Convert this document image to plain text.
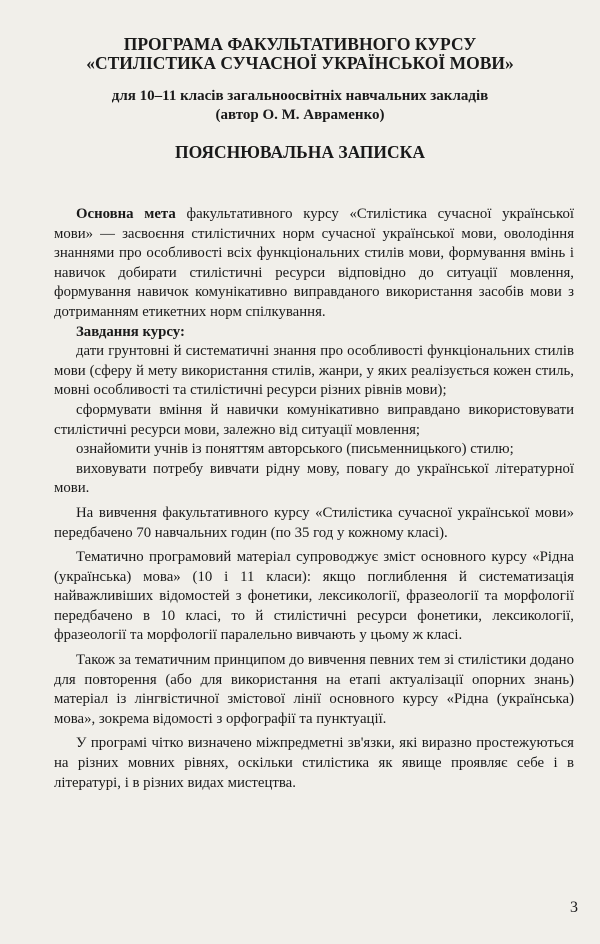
ПРОГРАМА ФАКУЛЬТАТИВНОГО КУРСУ
«СТИЛІСТИКА СУЧАСНОЇ УКРАЇНСЬКОЇ МОВИ»
для 10–11 класів загальноосвітніх навчальних закладів
(автор О. М. Авраменко)
ПОЯСНЮВАЛЬНА ЗАПИСКА

Основна мета факультативного курсу «Стилістика сучасної української мови» — засвоєння стилістичних норм сучасної української мови, оволодіння знаннями про особливості всіх функціональних стилів мови, формування вмінь і навичок добирати стилістичні ресурси відповідно до ситуації мовлення, формування навичок комунікативно виправданого використання засобів мови з дотриманням етикетних норм спілкування.

Завдання курсу:

дати грунтовні й систематичні знання про особливості функціональних стилів мови (сферу й мету використання стилів, жанри, у яких реалізується кожен стиль, мовні особливості та стилістичні ресурси різних рівнів мови);

сформувати вміння й навички комунікативно виправдано використовувати стилістичні ресурси мови, залежно від ситуації мовлення;

ознайомити учнів із поняттям авторського (письменницького) стилю;

виховувати потребу вивчати рідну мову, повагу до української літературної мови.

На вивчення факультативного курсу «Стилістика сучасної української мови» передбачено 70 навчальних годин (по 35 год у кожному класі).

Тематично програмовий матеріал супроводжує зміст основного курсу «Рідна (українська) мова» (10 і 11 класи): якщо поглиблення й систематизація найважливіших відомостей з фонетики, лексикології, фразеології та морфології передбачено в 10 класі, то й стилістичні ресурси фонетики, лексикології, фразеології та морфології паралельно вивчають у цьому ж класі.

Також за тематичним принципом до вивчення певних тем зі стилістики додано для повторення (або для використання на етапі актуалізації опорних знань) матеріал із лінгвістичної змістової лінії основного курсу «Рідна (українська) мова», зокрема відомості з орфографії та пунктуації.

У програмі чітко визначено міжпредметні зв'язки, які виразно простежуються на різних мовних рівнях, оскільки стилістика як явище проявляє себе і в літературі, і в різних видах мистецтва.

3
